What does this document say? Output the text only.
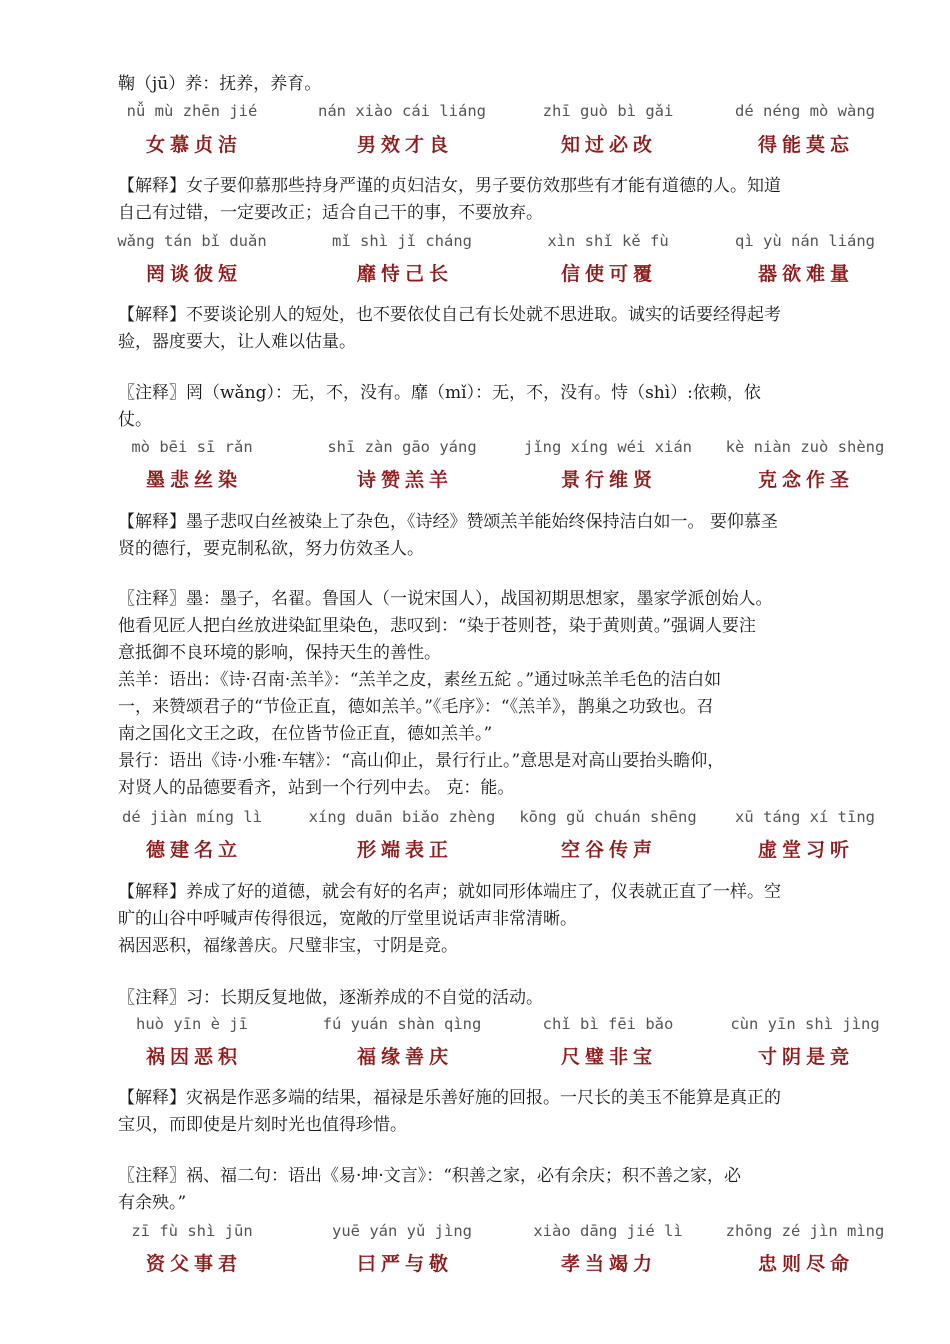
鞠（jū）养：抚养，养育。
【解释】女子要仰慕那些持身严谨的贞妇洁女，男子要仿效那些有才能有道德的人。知道
自己有过错，一定要改正；适合自己干的事，不要放弃。
【解释】不要谈论别人的短处，也不要依仗自己有长处就不思进取。诚实的话要经得起考
验，器度要大，让人难以估量。
〖注释〗罔（wǎng）：无，不，没有。靡（mǐ）：无，不，没有。恃（shì）:依赖，依
仗。
【解释】墨子悲叹白丝被染上了杂色，《诗经》赞颂羔羊能始终保持洁白如一。 要仰慕圣
贤的德行，要克制私欲，努力仿效圣人。
〖注释〗墨：墨子，名翟。鲁国人（一说宋国人），战国初期思想家，墨家学派创始人。
他看见匠人把白丝放进染缸里染色，悲叹到：“染于苍则苍，染于黄则黄。”强调人要注
意抵御不良环境的影响，保持天生的善性。
羔羊：语出：《诗·召南·羔羊》：“羔羊之皮，素丝五紽 。”通过咏羔羊毛色的洁白如
一，来赞颂君子的“节俭正直，德如羔羊。”《毛序》：“《羔羊》，鹊巢之功致也。召
南之国化文王之政，在位皆节俭正直，德如羔羊。”
景行：语出《诗·小雅·车辖》：“高山仰止，景行行止。”意思是对高山要抬头瞻仰，
对贤人的品德要看齐，站到一个行列中去。 克：能。
【解释】养成了好的道德，就会有好的名声；就如同形体端庄了，仪表就正直了一样。空
旷的山谷中呼喊声传得很远，宽敞的厅堂里说话声非常清晰。
祸因恶积，福缘善庆。尺璧非宝，寸阴是竞。
〖注释〗习：长期反复地做，逐渐养成的不自觉的活动。
【解释】灾祸是作恶多端的结果，福禄是乐善好施的回报。一尺长的美玉不能算是真正的
宝贝，而即使是片刻时光也值得珍惜。
〖注释〗祸、福二句：语出《易·坤·文言》：“积善之家，必有余庆；积不善之家，必
有余殃。”
nǚ mù zhēn jié
女慕贞洁
nán xiào cái liáng
男效才良
zhī guò bì gǎi
知过必改
dé néng mò wàng
得能莫忘
wǎng tán bǐ duǎn
罔谈彼短
mǐ shì jǐ cháng
靡恃己长
xìn shǐ kě fù
信使可覆
qì yù nán liáng
器欲难量
mò bēi sī rǎn
墨悲丝染
shī zàn gāo yáng
诗赞羔羊
jǐng xíng wéi xián
景行维贤
kè niàn zuò shèng
克念作圣
dé jiàn míng lì
德建名立
xíng duān biǎo zhèng
形端表正
kōng gǔ chuán shēng
空谷传声
xū táng xí tīng
虚堂习听
huò yīn è jī
祸因恶积
fú yuán shàn qìng
福缘善庆
chǐ bì fēi bǎo
尺璧非宝
cùn yīn shì jìng
寸阴是竞
zī fù shì jūn
资父事君
yuē yán yǔ jìng
曰严与敬
xiào dāng jié lì
孝当竭力
zhōng zé jìn mìng
忠则尽命
